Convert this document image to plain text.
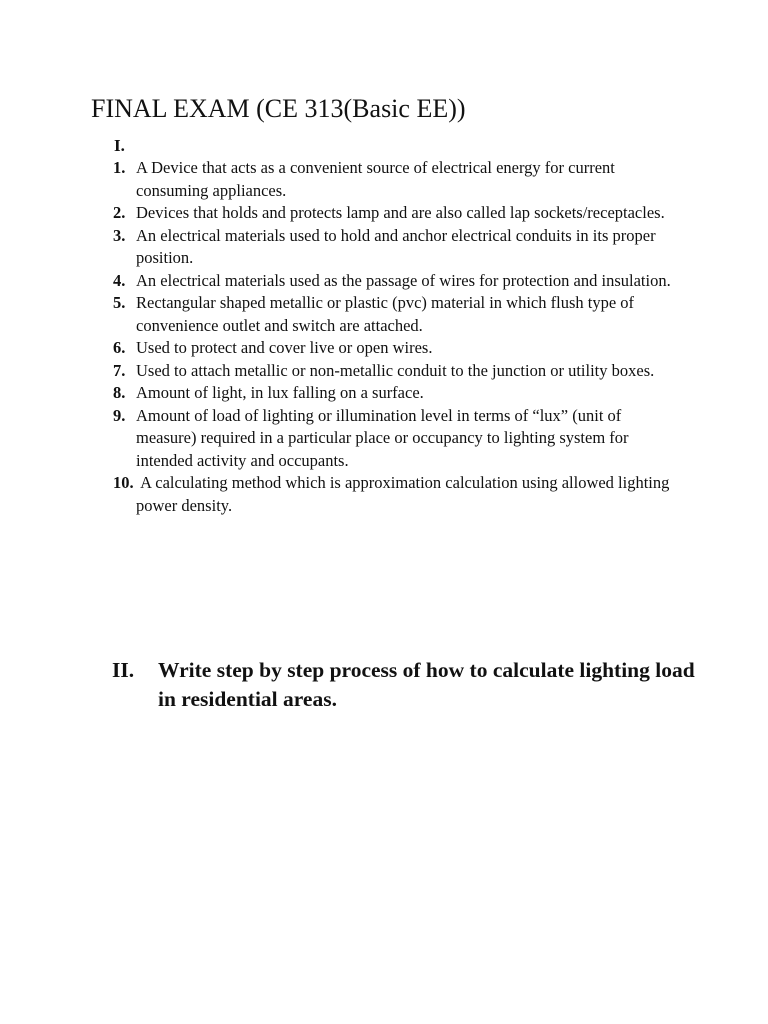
FINAL EXAM (CE 313(Basic EE))
I.
1. A Device that acts as a convenient source of electrical energy for current consuming appliances.
2. Devices that holds and protects lamp and are also called lap sockets/receptacles.
3. An electrical materials used to hold and anchor electrical conduits in its proper position.
4. An electrical materials used as the passage of wires for protection and insulation.
5. Rectangular shaped metallic or plastic (pvc) material in which flush type of convenience outlet and switch are attached.
6. Used to protect and cover live or open wires.
7. Used to attach metallic or non-metallic conduit to the junction or utility boxes.
8. Amount of light, in lux falling on a surface.
9. Amount of load of lighting or illumination level in terms of “lux” (unit of measure) required in a particular place or occupancy to lighting system for intended activity and occupants.
10. A calculating method which is approximation calculation using allowed lighting power density.
II.	Write step by step process of how to calculate lighting load in residential areas.
